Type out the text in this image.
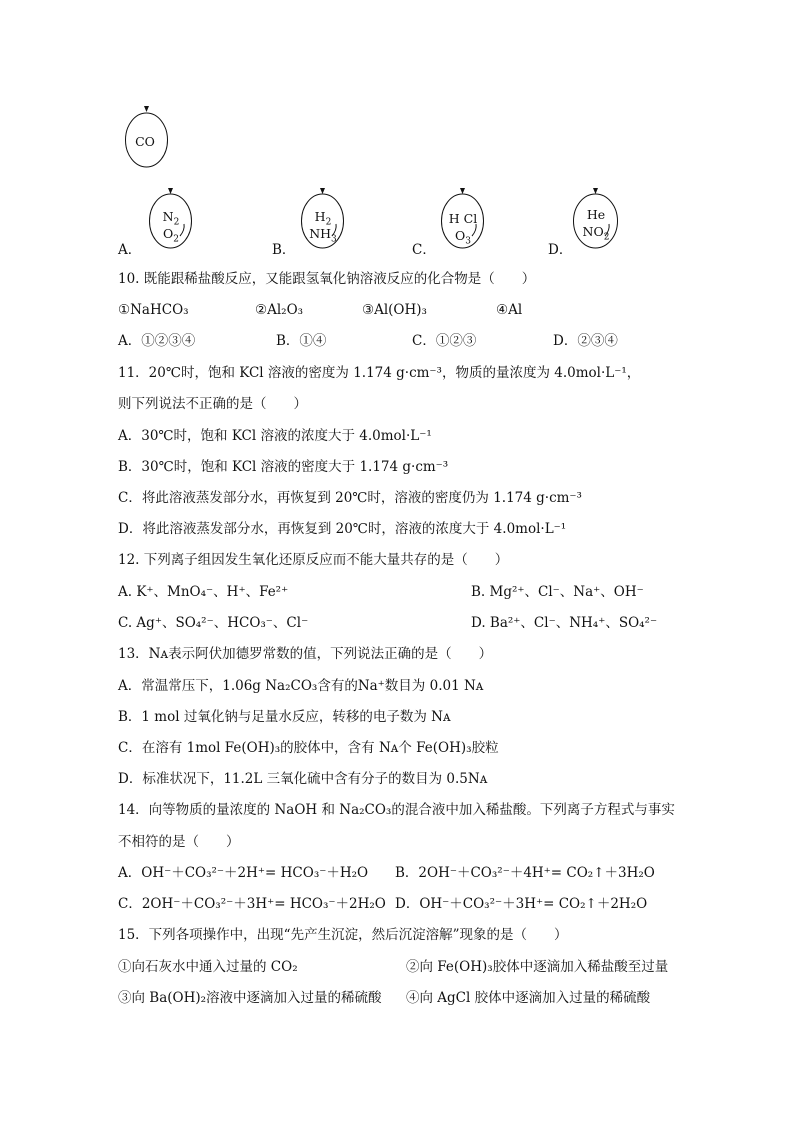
CO
A．
$N_2$
$O_2$
B．
$H_2$
$NH_3$
C．
H Cl
$O_3$
D．
He
$NO_2$
10. 既能跟稀盐酸反应，又能跟氢氧化钠溶液反应的化合物是（　　）
①NaHCO₃	②Al₂O₃	③Al(OH)₃	④Al
A．①②③④	B．①④	C．①②③	D．②③④
11．20℃时，饱和 KCl 溶液的密度为 1.174 g·cm⁻³，物质的量浓度为 4.0mol·L⁻¹，
则下列说法不正确的是（　　）
A．30℃时，饱和 KCl 溶液的浓度大于 4.0mol·L⁻¹
B．30℃时，饱和 KCl 溶液的密度大于 1.174 g·cm⁻³
C．将此溶液蒸发部分水，再恢复到 20℃时，溶液的密度仍为 1.174 g·cm⁻³
D．将此溶液蒸发部分水，再恢复到 20℃时，溶液的浓度大于 4.0mol·L⁻¹
12. 下列离子组因发生氧化还原反应而不能大量共存的是（　　）
A. K⁺、MnO₄⁻、H⁺、Fe²⁺	B. Mg²⁺、Cl⁻、Na⁺、OH⁻
C. Ag⁺、SO₄²⁻、HCO₃⁻、Cl⁻	D. Ba²⁺、Cl⁻、NH₄⁺、SO₄²⁻
13．Nᴀ表示阿伏加德罗常数的值，下列说法正确的是（　　）
A．常温常压下，1.06g Na₂CO₃含有的Na⁺数目为 0.01 Nᴀ
B．1 mol 过氧化钠与足量水反应，转移的电子数为 Nᴀ
C．在溶有 1mol Fe(OH)₃的胶体中，含有 Nᴀ个 Fe(OH)₃胶粒
D．标准状况下，11.2L 三氧化硫中含有分子的数目为 0.5Nᴀ
14．向等物质的量浓度的 NaOH 和 Na₂CO₃的混合液中加入稀盐酸。下列离子方程式与事实
不相符的是（　　）
A．OH⁻＋CO₃²⁻＋2H⁺= HCO₃⁻＋H₂O B．2OH⁻＋CO₃²⁻＋4H⁺= CO₂↑＋3H₂O
C．2OH⁻＋CO₃²⁻＋3H⁺= HCO₃⁻＋2H₂O D．OH⁻＋CO₃²⁻＋3H⁺= CO₂↑＋2H₂O
15．下列各项操作中，出现“先产生沉淀，然后沉淀溶解”现象的是（　　）
①向石灰水中通入过量的 CO₂	②向 Fe(OH)₃胶体中逐滴加入稀盐酸至过量
③向 Ba(OH)₂溶液中逐滴加入过量的稀硫酸 ④向 AgCl 胶体中逐滴加入过量的稀硫酸
